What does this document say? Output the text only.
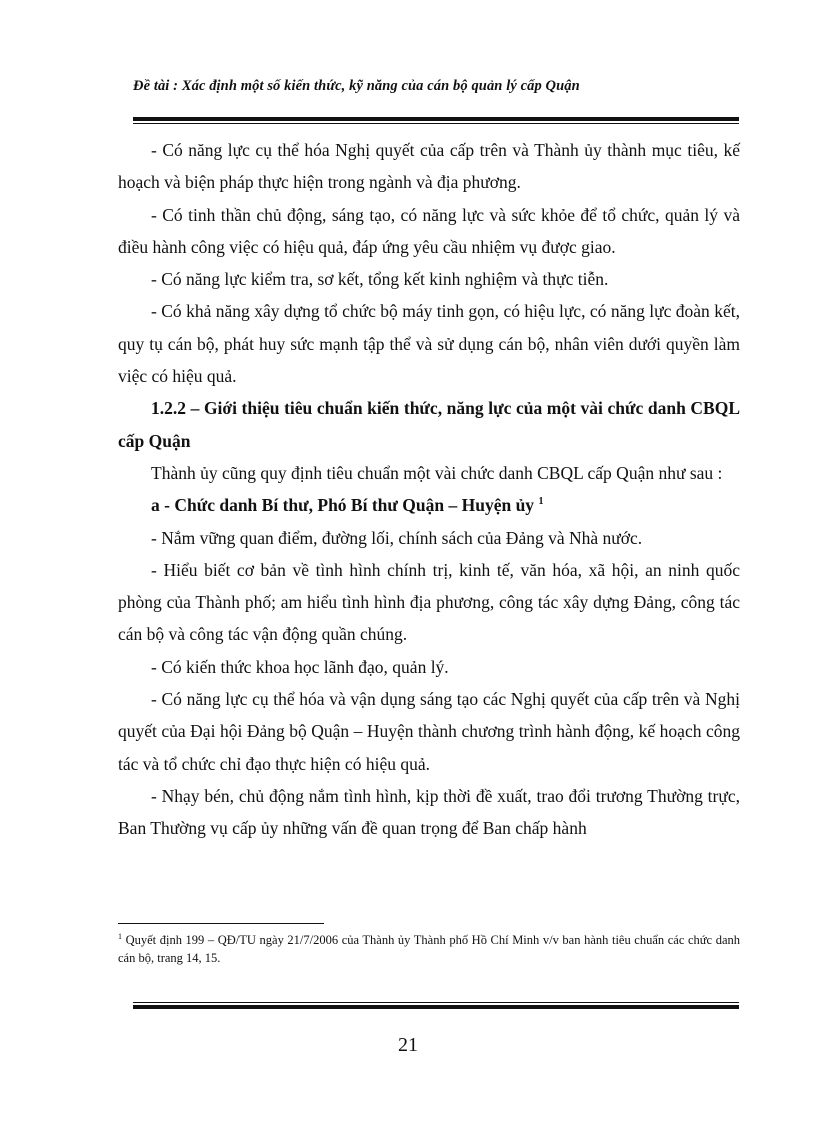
Đề tài : Xác định một số kiến thức, kỹ năng của cán bộ quản lý cấp Quận

- Có năng lực cụ thể hóa Nghị quyết của cấp trên và Thành ủy thành mục tiêu, kế hoạch và biện pháp thực hiện trong ngành và địa phương.

- Có tinh thần chủ động, sáng tạo, có năng lực và sức khỏe để tổ chức, quản lý và điều hành công việc có hiệu quả, đáp ứng yêu cầu nhiệm vụ được giao.

- Có năng lực kiểm tra, sơ kết, tổng kết kinh nghiệm và thực tiễn.

- Có khả năng xây dựng tổ chức bộ máy tinh gọn, có hiệu lực, có năng lực đoàn kết, quy tụ cán bộ, phát huy sức mạnh tập thể và sử dụng cán bộ, nhân viên dưới quyền làm việc có hiệu quả.

1.2.2 – Giới thiệu tiêu chuẩn kiến thức, năng lực của một vài chức danh CBQL cấp Quận

Thành ủy cũng quy định tiêu chuẩn một vài chức danh CBQL cấp Quận như sau :

a - Chức danh Bí thư, Phó Bí thư Quận – Huyện ủy $^1$

- Nắm vững quan điểm, đường lối, chính sách của Đảng và Nhà nước.

- Hiểu biết cơ bản về tình hình chính trị, kinh tế, văn hóa, xã hội, an ninh quốc phòng của Thành phố; am hiểu tình hình địa phương, công tác xây dựng Đảng, công tác cán bộ và công tác vận động quần chúng.

- Có kiến thức khoa học lãnh đạo, quản lý.

- Có năng lực cụ thể hóa và vận dụng sáng tạo các Nghị quyết của cấp trên và Nghị quyết của Đại hội Đảng bộ Quận – Huyện thành chương trình hành động, kế hoạch công tác và tổ chức chỉ đạo thực hiện có hiệu quả.

- Nhạy bén, chủ động nắm tình hình, kịp thời đề xuất, trao đổi trương Thường trực, Ban Thường vụ cấp ủy những vấn đề quan trọng để Ban chấp hành

$^1$ Quyết định 199 – QĐ/TU ngày 21/7/2006 của Thành ủy Thành phố Hồ Chí Minh v/v ban hành tiêu chuẩn các chức danh cán bộ, trang 14, 15.
21
